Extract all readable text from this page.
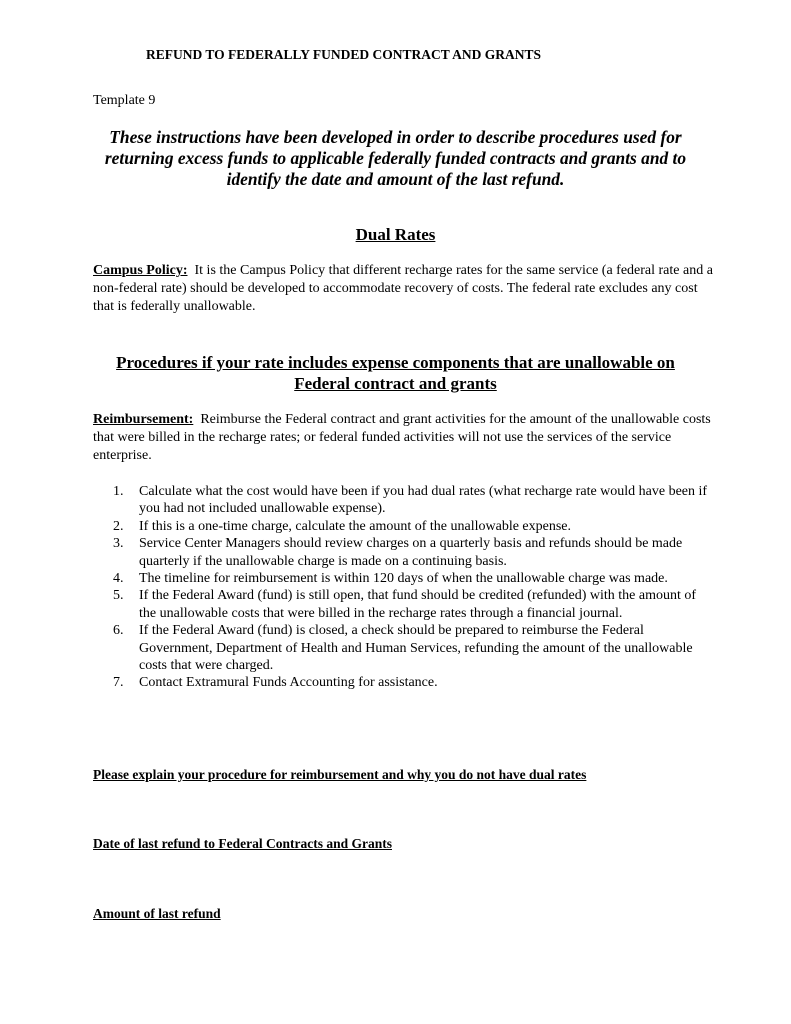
REFUND TO FEDERALLY FUNDED CONTRACT AND GRANTS
Template 9
These instructions have been developed in order to describe procedures used for returning excess funds to applicable federally funded contracts and grants and to identify the date and amount of the last refund.
Dual Rates
Campus Policy: It is the Campus Policy that different recharge rates for the same service (a federal rate and a non-federal rate) should be developed to accommodate recovery of costs. The federal rate excludes any cost that is federally unallowable.
Procedures if your rate includes expense components that are unallowable on Federal contract and grants
Reimbursement: Reimburse the Federal contract and grant activities for the amount of the unallowable costs that were billed in the recharge rates; or federal funded activities will not use the services of the service enterprise.
1. Calculate what the cost would have been if you had dual rates (what recharge rate would have been if you had not included unallowable expense).
2. If this is a one-time charge, calculate the amount of the unallowable expense.
3. Service Center Managers should review charges on a quarterly basis and refunds should be made quarterly if the unallowable charge is made on a continuing basis.
4. The timeline for reimbursement is within 120 days of when the unallowable charge was made.
5. If the Federal Award (fund) is still open, that fund should be credited (refunded) with the amount of the unallowable costs that were billed in the recharge rates through a financial journal.
6. If the Federal Award (fund) is closed, a check should be prepared to reimburse the Federal Government, Department of Health and Human Services, refunding the amount of the unallowable costs that were charged.
7. Contact Extramural Funds Accounting for assistance.
Please explain your procedure for reimbursement and why you do not have dual rates
Date of last refund to Federal Contracts and Grants
Amount of last refund
